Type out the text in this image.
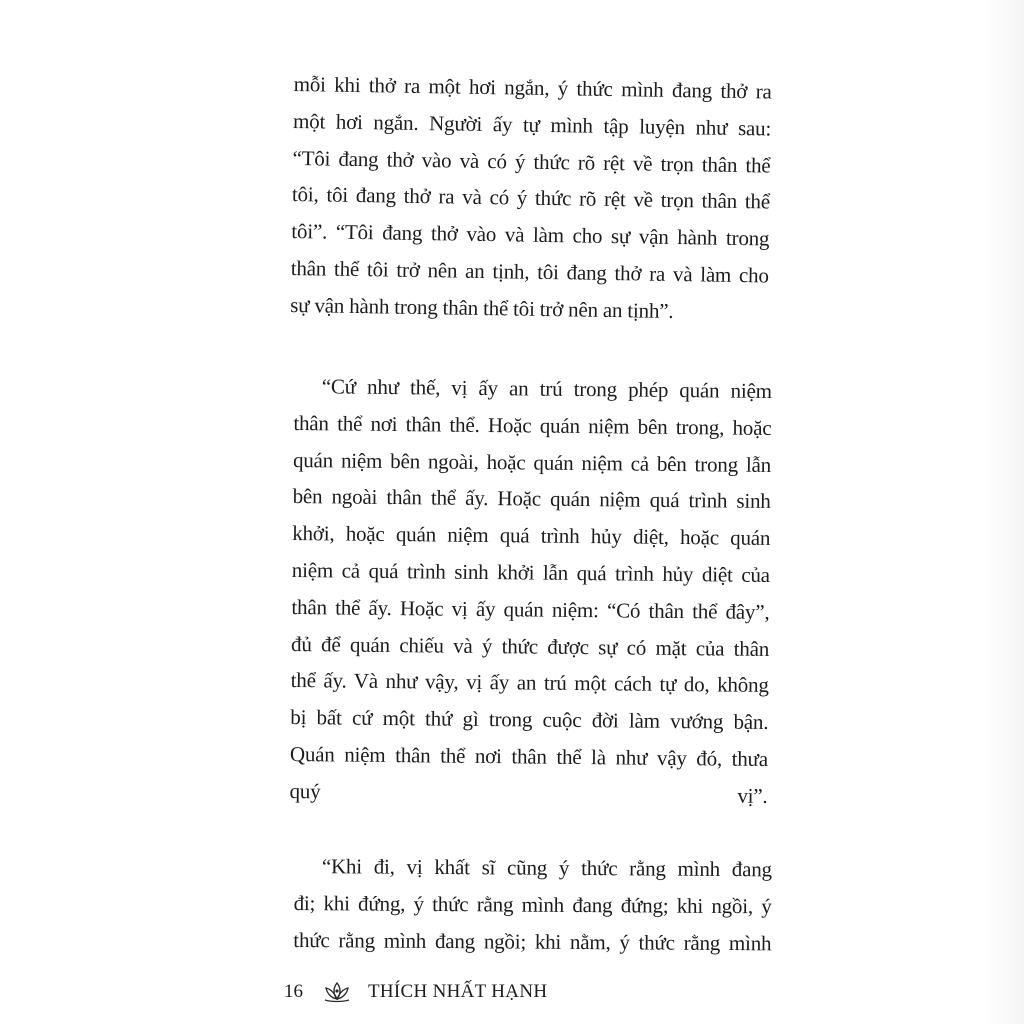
mỗi khi thở ra một hơi ngắn, ý thức mình đang thở ra
một hơi ngắn. Người ấy tự mình tập luyện như sau:
“Tôi đang thở vào và có ý thức rõ rệt về trọn thân thể
tôi, tôi đang thở ra và có ý thức rõ rệt về trọn thân thể
tôi”. “Tôi đang thở vào và làm cho sự vận hành trong
thân thể tôi trở nên an tịnh, tôi đang thở ra và làm cho
sự vận hành trong thân thể tôi trở nên an tịnh”.
“Cứ như thế, vị ấy an trú trong phép quán niệm
thân thể nơi thân thể. Hoặc quán niệm bên trong, hoặc
quán niệm bên ngoài, hoặc quán niệm cả bên trong lẫn
bên ngoài thân thể ấy. Hoặc quán niệm quá trình sinh
khởi, hoặc quán niệm quá trình hủy diệt, hoặc quán
niệm cả quá trình sinh khởi lẫn quá trình hủy diệt của
thân thể ấy. Hoặc vị ấy quán niệm: “Có thân thể đây”,
đủ để quán chiếu và ý thức được sự có mặt của thân
thể ấy. Và như vậy, vị ấy an trú một cách tự do, không
bị bất cứ một thứ gì trong cuộc đời làm vướng bận.
Quán niệm thân thể nơi thân thể là như vậy đó, thưa
quý vị”.
“Khi đi, vị khất sĩ cũng ý thức rằng mình đang
đi; khi đứng, ý thức rằng mình đang đứng; khi ngồi, ý
thức rằng mình đang ngồi; khi nằm, ý thức rằng mình
16	THÍCH NHẤT HẠNH
